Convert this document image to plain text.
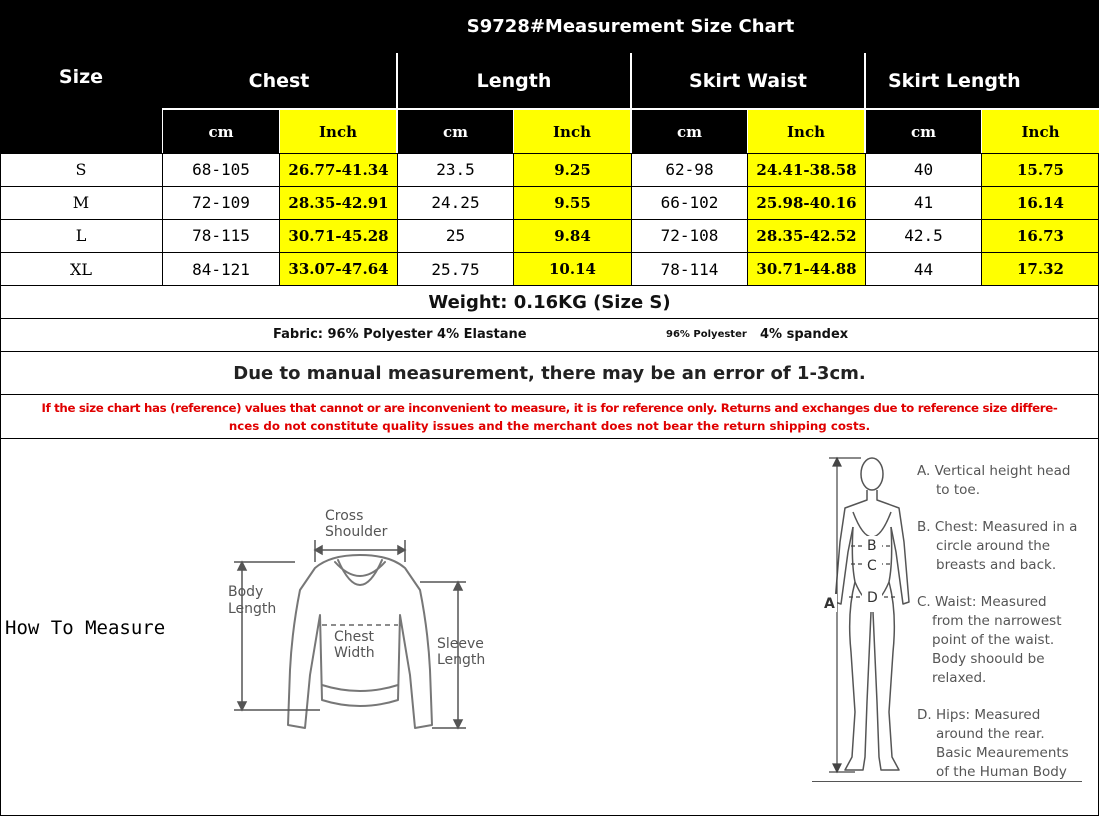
Size
S9728#Measurement Size Chart
Chest	Length	Skirt Waist	Skirt Length
cm	Inch	cm	Inch	cm	Inch	cm	Inch
S	68-105	26.77-41.34	23.5	9.25	62-98	24.41-38.58	40	15.75
M	72-109	28.35-42.91	24.25	9.55	66-102	25.98-40.16	41	16.14
L	78-115	30.71-45.28	25	9.84	72-108	28.35-42.52	42.5	16.73
XL	84-121	33.07-47.64	25.75	10.14	78-114	30.71-44.88	44	17.32
Weight: 0.16KG (Size S)
Fabric: 96% Polyester 4% Elastane	96% Polyester 4% spandex
Due to manual measurement, there may be an error of 1-3cm.
If the size chart has (reference) values that cannot or are inconvenient to measure, it is for reference only. Returns and exchanges due to reference size differe-
nces do not constitute quality issues and the merchant does not bear the return shipping costs.
How To Measure
Cross
Shoulder
Body
Length
Chest
Width
Sleeve
Length
B
C
D
A
A. Vertical height head
to toe.
B. Chest: Measured in a
circle around the
breasts and back.
C. Waist: Measured
from the narrowest
point of the waist.
Body shoould be
relaxed.
D. Hips: Measured
around the rear.
Basic Meaurements
of the Human Body
